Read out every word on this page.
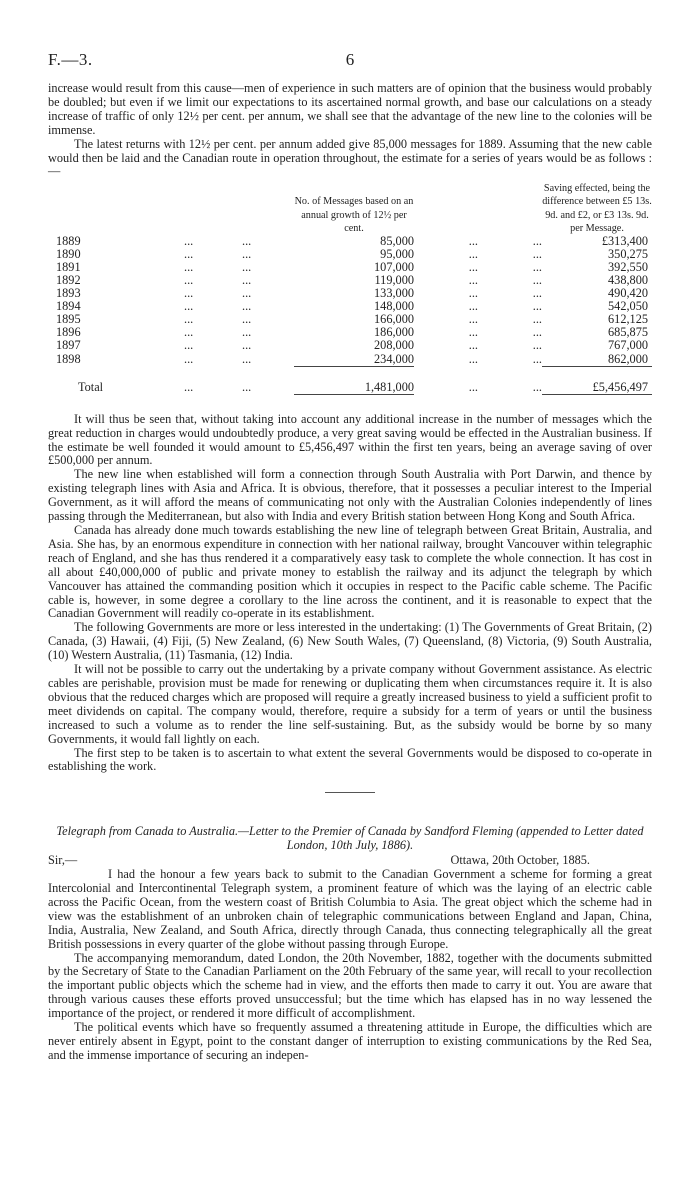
6
F.—3.

increase would result from this cause—men of experience in such matters are of opinion that the business would probably be doubled; but even if we limit our expectations to its ascertained normal growth, and base our calculations on a steady increase of traffic of only 12½ per cent. per annum, we shall see that the advantage of the new line to the colonies will be immense.

The latest returns with 12½ per cent. per annum added give 85,000 messages for 1889. Assuming that the new cable would then be laid and the Canadian route in operation throughout, the estimate for a series of years would be as follows :—

			No. of Messages based on an annual growth of 12½ per cent.			Saving effected, being the difference between £5 13s. 9d. and £2, or £3 13s. 9d. per Message.
1889	...	...	85,000	...	...	£313,400
1890	...	...	95,000	...	...	350,275
1891	...	...	107,000	...	...	392,550
1892	...	...	119,000	...	...	438,800
1893	...	...	133,000	...	...	490,420
1894	...	...	148,000	...	...	542,050
1895	...	...	166,000	...	...	612,125
1896	...	...	186,000	...	...	685,875
1897	...	...	208,000	...	...	767,000
1898	...	...	234,000	...	...	862,000
Total	...	...	1,481,000	...	...	£5,456,497

It will thus be seen that, without taking into account any additional increase in the number of messages which the great reduction in charges would undoubtedly produce, a very great saving would be effected in the Australian business. If the estimate be well founded it would amount to £5,456,497 within the first ten years, being an average saving of over £500,000 per annum.

The new line when established will form a connection through South Australia with Port Darwin, and thence by existing telegraph lines with Asia and Africa. It is obvious, therefore, that it possesses a peculiar interest to the Imperial Government, as it will afford the means of communicating not only with the Australian Colonies independently of lines passing through the Mediterranean, but also with India and every British station between Hong Kong and South Africa.

Canada has already done much towards establishing the new line of telegraph between Great Britain, Australia, and Asia. She has, by an enormous expenditure in connection with her national railway, brought Vancouver within telegraphic reach of England, and she has thus rendered it a comparatively easy task to complete the whole connection. It has cost in all about £40,000,000 of public and private money to establish the railway and its adjunct the telegraph by which Vancouver has attained the commanding position which it occupies in respect to the Pacific cable scheme. The Pacific cable is, however, in some degree a corollary to the line across the continent, and it is reasonable to expect that the Canadian Government will readily co-operate in its establishment.

The following Governments are more or less interested in the undertaking: (1) The Governments of Great Britain, (2) Canada, (3) Hawaii, (4) Fiji, (5) New Zealand, (6) New South Wales, (7) Queensland, (8) Victoria, (9) South Australia, (10) Western Australia, (11) Tasmania, (12) India.

It will not be possible to carry out the undertaking by a private company without Government assistance. As electric cables are perishable, provision must be made for renewing or duplicating them when circumstances require it. It is also obvious that the reduced charges which are proposed will require a greatly increased business to yield a sufficient profit to meet dividends on capital. The company would, therefore, require a subsidy for a term of years or until the business increased to such a volume as to render the line self-sustaining. But, as the subsidy would be borne by so many Governments, it would fall lightly on each.

The first step to be taken is to ascertain to what extent the several Governments would be disposed to co-operate in establishing the work.

Telegraph from Canada to Australia.—Letter to the Premier of Canada by Sandford Fleming (appended to Letter dated London, 10th July, 1886).
Sir,—	Ottawa, 20th October, 1885.

I had the honour a few years back to submit to the Canadian Government a scheme for forming a great Intercolonial and Intercontinental Telegraph system, a prominent feature of which was the laying of an electric cable across the Pacific Ocean, from the western coast of British Columbia to Asia. The great object which the scheme had in view was the establishment of an unbroken chain of telegraphic communications between England and Japan, China, India, Australia, New Zealand, and South Africa, directly through Canada, thus connecting telegraphically all the great British possessions in every quarter of the globe without passing through Europe.

The accompanying memorandum, dated London, the 20th November, 1882, together with the documents submitted by the Secretary of State to the Canadian Parliament on the 20th February of the same year, will recall to your recollection the important public objects which the scheme had in view, and the efforts then made to carry it out. You are aware that through various causes these efforts proved unsuccessful; but the time which has elapsed has in no way lessened the importance of the project, or rendered it more difficult of accomplishment.

The political events which have so frequently assumed a threatening attitude in Europe, the difficulties which are never entirely absent in Egypt, point to the constant danger of interruption to existing communications by the Red Sea, and the immense importance of securing an indepen-
